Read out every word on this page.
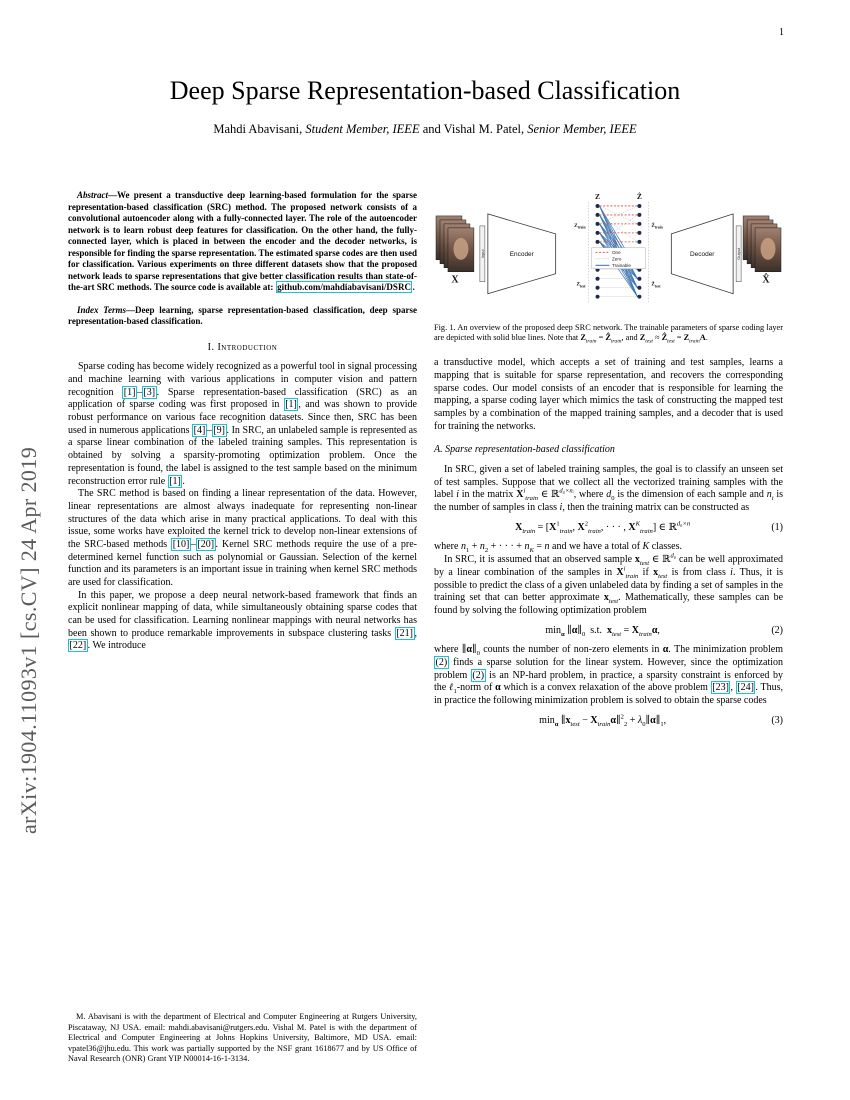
1
arXiv:1904.11093v1 [cs.CV] 24 Apr 2019
Deep Sparse Representation-based Classification
Mahdi Abavisani, Student Member, IEEE and Vishal M. Patel, Senior Member, IEEE

Abstract—We present a transductive deep learning-based formulation for the sparse representation-based classification (SRC) method. The proposed network consists of a convolutional autoencoder along with a fully-connected layer. The role of the autoencoder network is to learn robust deep features for classification. On the other hand, the fully-connected layer, which is placed in between the encoder and the decoder networks, is responsible for finding the sparse representation. The estimated sparse codes are then used for classification. Various experiments on three different datasets show that the proposed network leads to sparse representations that give better classification results than state-of-the-art SRC methods. The source code is available at: github.com/mahdiabavisani/DSRC .

Index Terms—Deep learning, sparse representation-based classification, deep sparse representation-based classification.

I. Introduction

Sparse coding has become widely recognized as a powerful tool in signal processing and machine learning with various applications in computer vision and pattern recognition [1] – [3] . Sparse representation-based classification (SRC) as an application of sparse coding was first proposed in [1] , and was shown to provide robust performance on various face recognition datasets. Since then, SRC has been used in numerous applications [4] – [9] . In SRC, an unlabeled sample is represented as a sparse linear combination of the labeled training samples. This representation is obtained by solving a sparsity-promoting optimization problem. Once the representation is found, the label is assigned to the test sample based on the minimum reconstruction error rule [1] .

The SRC method is based on finding a linear representation of the data. However, linear representations are almost always inadequate for representing non-linear structures of the data which arise in many practical applications. To deal with this issue, some works have exploited the kernel trick to develop non-linear extensions of the SRC-based methods [10] – [20] . Kernel SRC methods require the use of a pre-determined kernel function such as polynomial or Gaussian. Selection of the kernel function and its parameters is an important issue in training when kernel SRC methods are used for classification.

In this paper, we propose a deep neural network-based framework that finds an explicit nonlinear mapping of data, while simultaneously obtaining sparse codes that can be used for classification. Learning nonlinear mappings with neural networks has been shown to produce remarkable improvements in subspace clustering tasks [21] , [22] . We introduce

M. Abavisani is with the department of Electrical and Computer Engineering at Rutgers University, Piscataway, NJ USA. email: mahdi.abavisani@rutgers.edu. Vishal M. Patel is with the department of Electrical and Computer Engineering at Johns Hopkins University, Baltimore, MD USA. email: vpatel36@jhu.edu. This work was partially supported by the NSF grant 1618677 and by US Office of Naval Research (ONR) Grant YIP N00014-16-1-3134.
X
Input	Encoder
Z	Ẑ
$Z_{train}$	$Ẑ_{train}$
$Z_{test}$	$Ẑ_{test}$
One
Zero
Trainable
Decoder	Output
X̂

Fig. 1. An overview of the proposed deep SRC network. The trainable parameters of sparse coding layer are depicted with solid blue lines. Note that $Z_{train}$ = $Ẑ_{train}$, and $Z_{test}$ ≈ $Ẑ_{test} = Z_{train}A$.

a transductive model, which accepts a set of training and test samples, learns a mapping that is suitable for sparse representation, and recovers the corresponding sparse codes. Our model consists of an encoder that is responsible for learning the mapping, a sparse coding layer which mimics the task of constructing the mapped test samples by a combination of the mapped training samples, and a decoder that is used for training the networks.

A. Sparse representation-based classification

In SRC, given a set of labeled training samples, the goal is to classify an unseen set of test samples. Suppose that we collect all the vectorized training samples with the label i in the matrix $X^i_{train}$ ∈ ℝ$^{d_0\times nᵢ}$, where $d_0$ is the dimension of each sample and $n_i$ is the number of samples in class i, then the training matrix can be constructed as

$X_{train} = [X^1_{train}$, $X^2_{train}$, · · · , $X^K_{train}$] ∈ ℝ$^{d_0\times n}$	(1)

where $n_1 + n_2$ + · · · + $n_K = n$ and we have a total of K classes.

In SRC, it is assumed that an observed sample $x_{test}$ ∈ ℝ$^{d_0}$ can be well approximated by a linear combination of the samples in $X^i_{train}$ if $x_{test}$ is from class i. Thus, it is possible to predict the class of a given unlabeled data by finding a set of samples in the training set that can better approximate $x_{test}$. Mathematically, these samples can be found by solving the following optimization problem

$\min_\alpha$ $\parallel\alpha\parallel_0$  s.t.  $x_{test} = X_{train}\alpha$,	(2)

where $\parallel\alpha\parallel_0$ counts the number of non-zero elements in α. The minimization problem (2) finds a sparse solution for the linear system. However, since the optimization problem (2) is an NP-hard problem, in practice, a sparsity constraint is enforced by the ℓ$_1$-norm of α which is a convex relaxation of the above problem [23] , [24] . Thus, in practice the following minimization problem is solved to obtain the sparse codes

$\min_\alpha$ $\parallel x_{test}$ − $X_{train}\alpha\parallel^2_2$ + $\lambda_0\parallel\alpha\parallel_1$,	(3)
